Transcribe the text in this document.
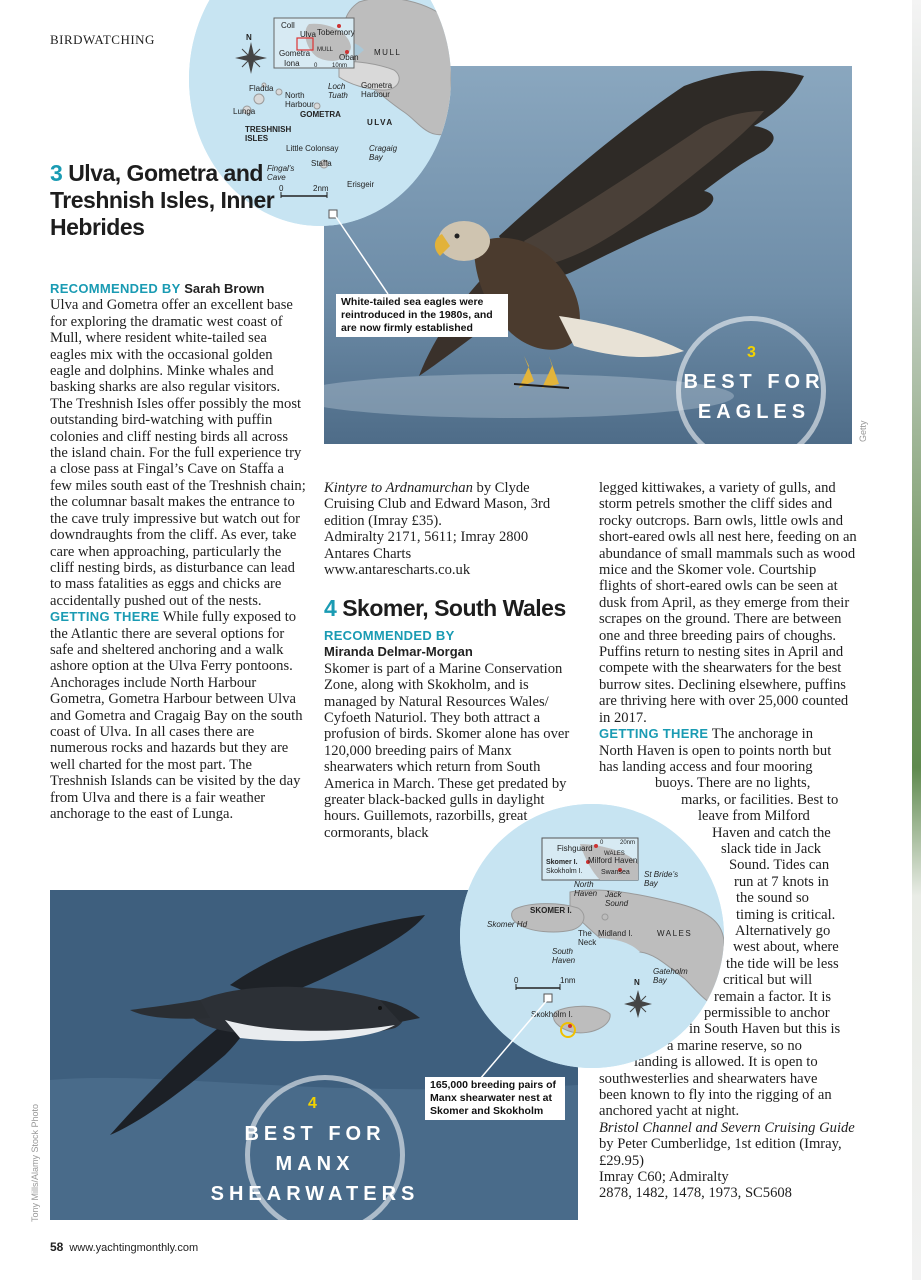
BIRDWATCHING
White-tailed sea eagles were reintroduced in the 1980s, and are now firmly established
3
BEST FOR
EAGLES
Getty
N
Coll
Ulva Tobermory
Gometra MULL
Iona
Oban
0 10nm
MULL
Fladda	Loch Tuath
Gometra Harbour
North Harbour
GOMETRA
Lunga
ULVA
TRESHNISH ISLES
Little Colonsay	Cragaig Bay
Staffa
Fingal’s Cave
Erisgeir
0	2nm
3 Ulva, Gometra and Treshnish Isles, Inner Hebrides
RECOMMENDED BY Sarah Brown
Ulva and Gometra offer an excellent base for exploring the dramatic west coast of Mull, where resident white-tailed sea eagles mix with the occasional golden eagle and dolphins. Minke whales and basking sharks are also regular visitors. The Treshnish Isles offer possibly the most outstanding bird-watching with puffin colonies and cliff nesting birds all across the island chain. For the full experience try a close pass at Fingal’s Cave on Staffa a few miles south east of the Treshnish chain; the columnar basalt makes the entrance to the cave truly impressive but watch out for downdraughts from the cliff. As ever, take care when approaching, particularly the cliff nesting birds, as disturbance can lead to mass fatalities as eggs and chicks are accidentally pushed out of the nests.
GETTING THERE While fully exposed to the Atlantic there are several options for safe and sheltered anchoring and a walk ashore option at the Ulva Ferry pontoons. Anchorages include North Harbour Gometra, Gometra Harbour between Ulva and Gometra and Cragaig Bay on the south coast of Ulva. In all cases there are numerous rocks and hazards but they are well charted for the most part. The Treshnish Islands can be visited by the day from Ulva and there is a fair weather anchorage to the east of Lunga.
Kintyre to Ardnamurchan by Clyde Cruising Club and Edward Mason, 3rd edition (Imray £35).
Admiralty 2171, 5611; Imray 2800
Antares Charts
www.antarescharts.co.uk
4 Skomer, South Wales
RECOMMENDED BY
Miranda Delmar-Morgan
Skomer is part of a Marine Conservation Zone, along with Skokholm, and is managed by Natural Resources Wales/ Cyfoeth Naturiol. They both attract a profusion of birds. Skomer alone has over 120,000 breeding pairs of Manx shearwaters which return from South America in March. These get predated by greater black-backed gulls in daylight hours. Guillemots, razorbills, great cormorants, black
legged kittiwakes, a variety of gulls, and storm petrels smother the cliff sides and rocky outcrops. Barn owls, little owls and short-eared owls all nest here, feeding on an abundance of small mammals such as wood mice and the Skomer vole. Courtship flights of short-eared owls can be seen at dusk from April, as they emerge from their scrapes on the ground. There are between one and three breeding pairs of choughs. Puffins return to nesting sites in April and compete with the shearwaters for the best burrow sites. Declining elsewhere, puffins are thriving here with over 25,000 counted in 2017.
GETTING THERE The anchorage in
North Haven is open to points north but
has landing access and four mooring
buoys. There are no lights,
marks, or facilities. Best to
leave from Milford
Haven and catch the
slack tide in Jack
Sound. Tides can
run at 7 knots in
the sound so
timing is critical.
Alternatively go
west about, where
the tide will be less
critical but will
remain a factor. It is
permissible to anchor
in South Haven but this is
a marine reserve, so no
landing is allowed. It is open to
southwesterlies and shearwaters have
been known to fly into the rigging of an
anchored yacht at night.
Bristol Channel and Severn Cruising Guide by Peter Cumberlidge, 1st edition (Imray, £29.95)
Imray C60; Admiralty
2878, 1482, 1478, 1973, SC5608
4
BEST FOR
MANX
SHEARWATERS
165,000 breeding pairs of Manx shearwater nest at Skomer and Skokholm
Tony Mills/Alamy Stock Photo
Fishguard
0	20nm
WALES
Skomer I.
Skokholm I.
Milford Haven
Swansea St Bride’s Bay
North Haven Jack Sound
SKOMER I.
Skomer Hd
The Neck
Midland I.	WALES
South Haven
Gateholm Bay
0	1nm	N
Skokholm I.
58 www.yachtingmonthly.com
